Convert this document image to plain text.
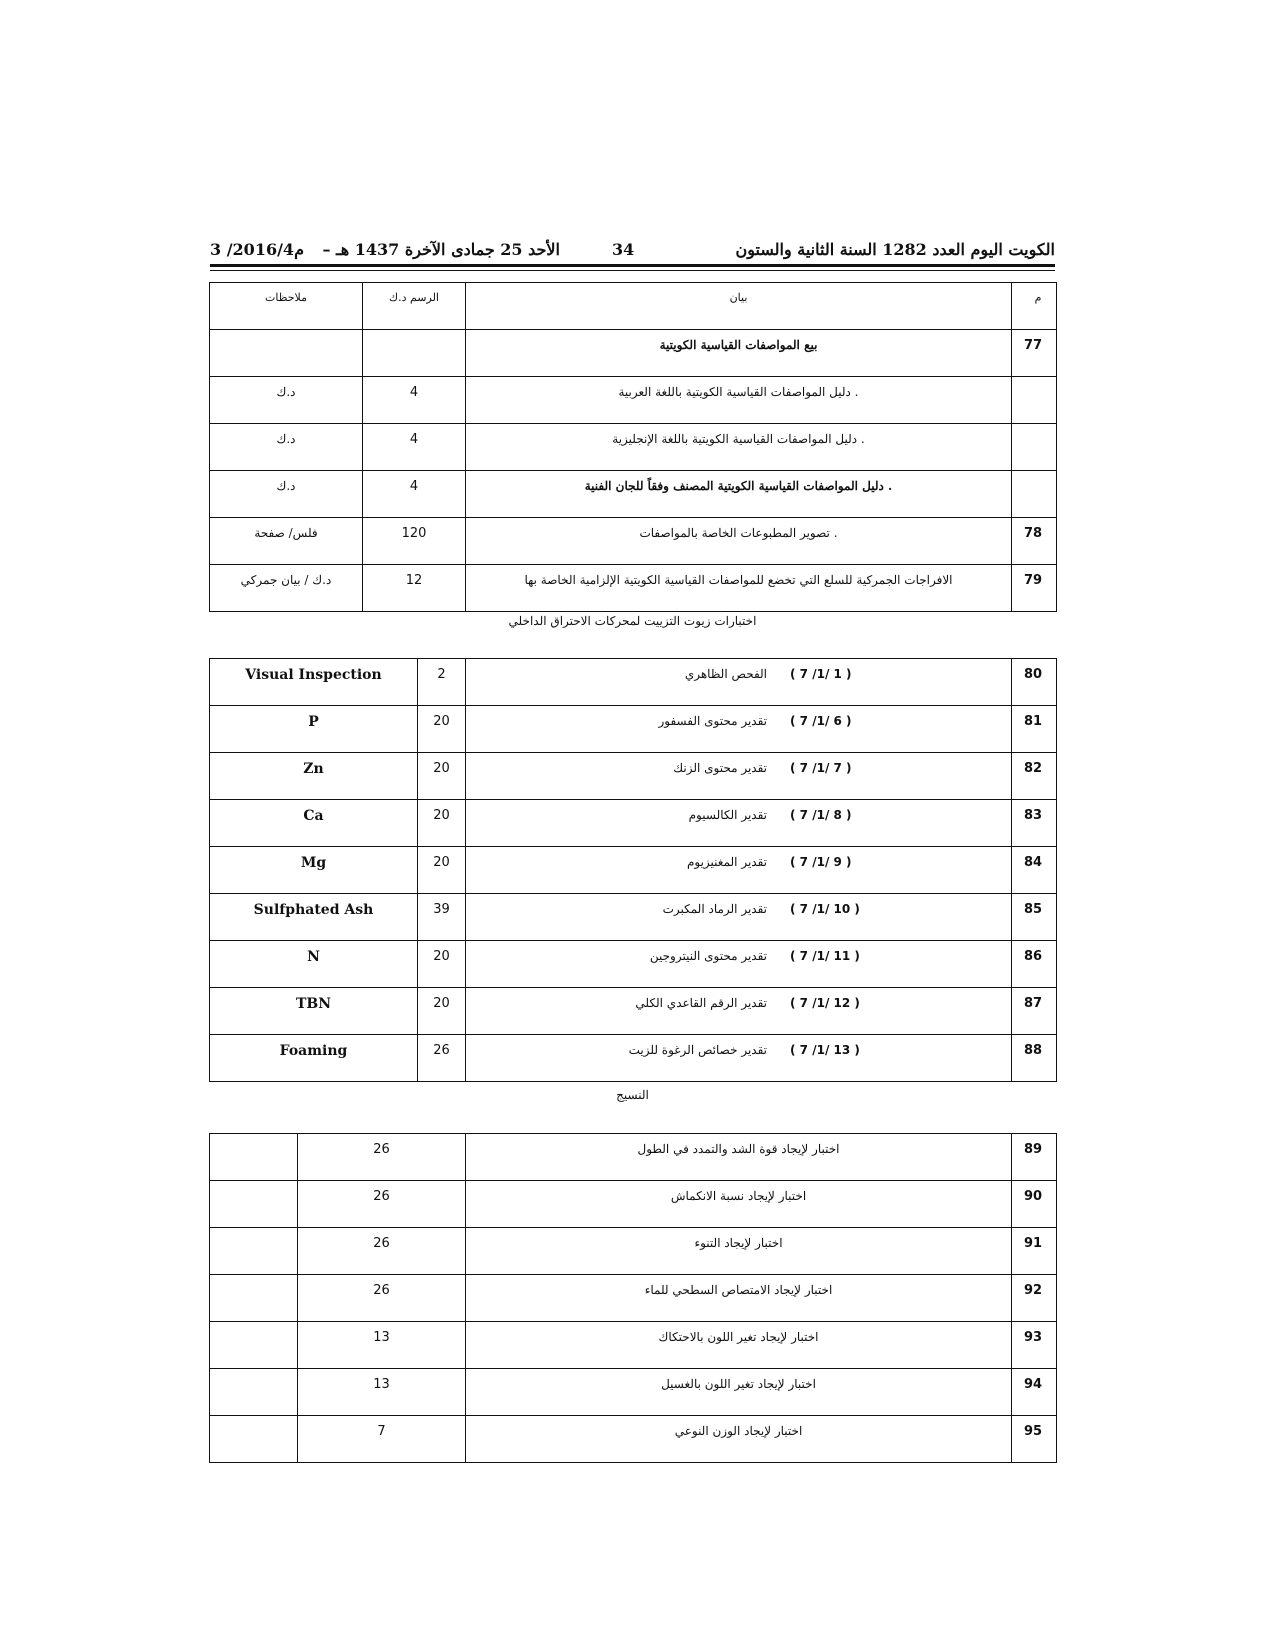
الكويت اليوم العدد 1282 السنة الثانية والستون
34
الأحد 25 جمادى الآخرة 1437 هـ –
3 /2016/4م
ملاحظات	الرسم د.ك	بيان	م
		بيع المواصفات القياسية الكويتية	77
د.ك	4	. دليل المواصفات القياسية الكويتية باللغة العربية	
د.ك	4	. دليل المواصفات القياسية الكويتية باللغة الإنجليزية	
د.ك	4	. دليل المواصفات القياسية الكويتية المصنف وفقاً للجان الفنية	
فلس/ صفحة	120	. تصوير المطبوعات الخاصة بالمواصفات	78
د.ك / بيان جمركي	12	الافراجات الجمركية للسلع التي تخضع للمواصفات القياسية الكويتية الإلزامية الخاصة بها	79
اختبارات زيوت التزييت لمحركات الاحتراق الداخلي
Visual Inspection	2	الفحص الظاهري ( 1 /1/ 7 )	80
P	20	تقدير محتوى الفسفور ( 6 /1/ 7 )	81
Zn	20	تقدير محتوى الزنك ( 7 /1/ 7 )	82
Ca	20	تقدير الكالسيوم ( 8 /1/ 7 )	83
Mg	20	تقدير المغنيزيوم ( 9 /1/ 7 )	84
Sulfphated Ash	39	تقدير الرماد المكبرت ( 10 /1/ 7 )	85
N	20	تقدير محتوى النيتروجين ( 11 /1/ 7 )	86
TBN	20	تقدير الرقم القاعدي الكلي ( 12 /1/ 7 )	87
Foaming	26	تقدير خصائص الرغوة للزيت ( 13 /1/ 7 )	88
النسيج
	26	اختبار لإيجاد قوة الشد والتمدد في الطول	89
	26	اختبار لإيجاد نسبة الانكماش	90
	26	اختبار لإيجاد التنوء	91
	26	اختبار لإيجاد الامتصاص السطحي للماء	92
	13	اختبار لإيجاد تغير اللون بالاحتكاك	93
	13	اختبار لإيجاد تغير اللون بالغسيل	94
	7	اختبار لإيجاد الوزن النوعي	95
